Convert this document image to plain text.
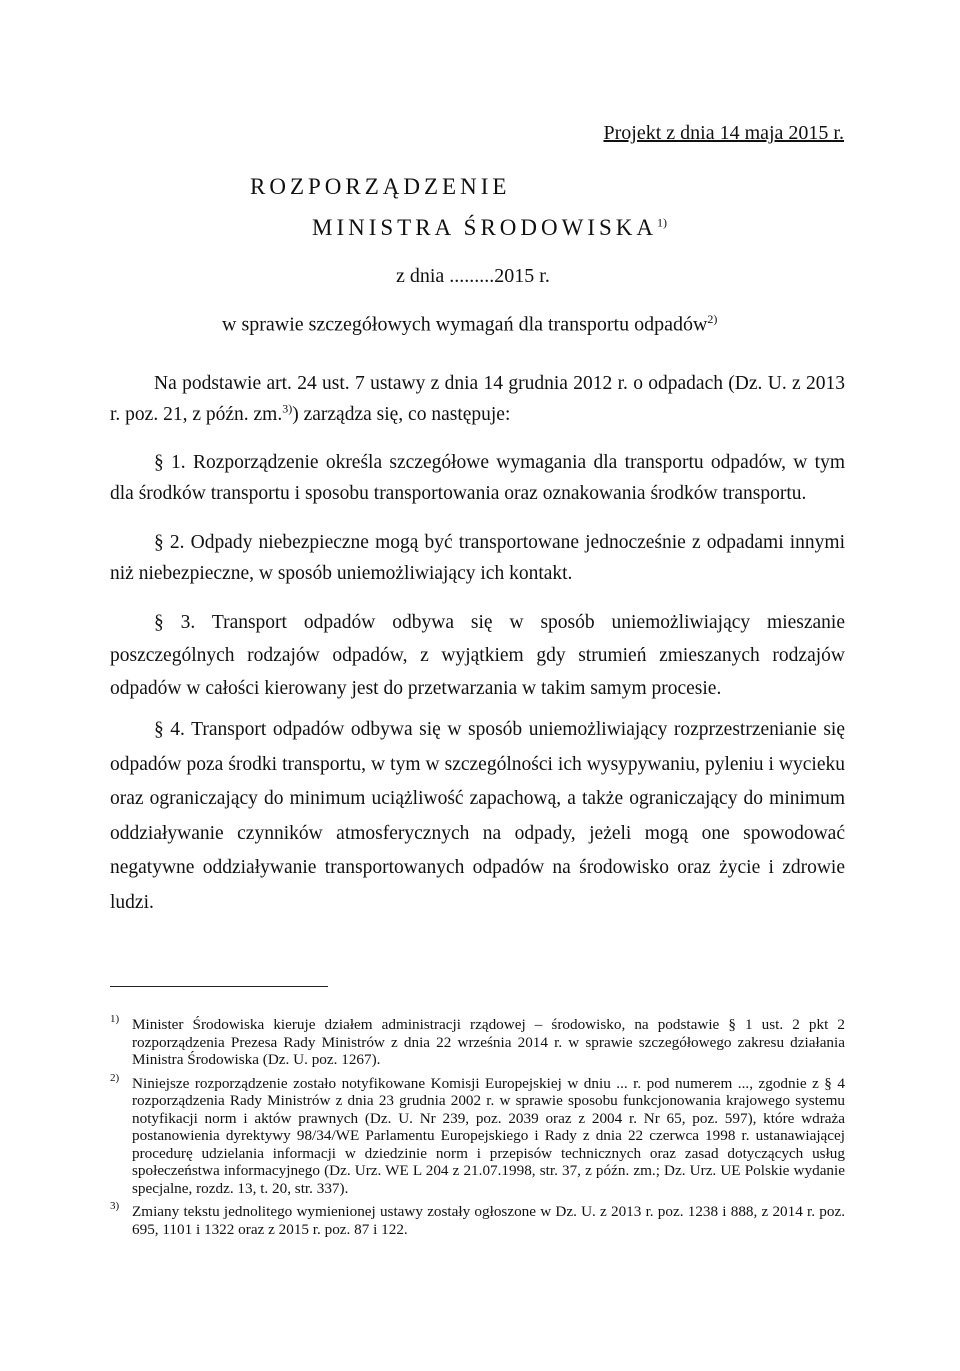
Projekt z dnia 14 maja 2015 r.
ROZPORZĄDZENIE
MINISTRA ŚRODOWISKA$^{1)}$
z dnia .........2015 r.
w sprawie szczegółowych wymagań dla transportu odpadów$^{2)}$
Na podstawie art. 24 ust. 7 ustawy z dnia 14 grudnia 2012 r. o odpadach (Dz. U. z 2013 r. poz. 21, z późn. zm.$^{3)}$) zarządza się, co następuje:
§ 1. Rozporządzenie określa szczegółowe wymagania dla transportu odpadów, w tym dla środków transportu i sposobu transportowania oraz oznakowania środków transportu.
§ 2. Odpady niebezpieczne mogą być transportowane jednocześnie z odpadami innymi niż niebezpieczne, w sposób uniemożliwiający ich kontakt.
§ 3. Transport odpadów odbywa się w sposób uniemożliwiający mieszanie poszczególnych rodzajów odpadów, z wyjątkiem gdy strumień zmieszanych rodzajów odpadów w całości kierowany jest do przetwarzania w takim samym procesie.
§ 4. Transport odpadów odbywa się w sposób uniemożliwiający rozprzestrzenianie się odpadów poza środki transportu, w tym w szczególności ich wysypywaniu, pyleniu i wycieku oraz ograniczający do minimum uciążliwość zapachową, a także ograniczający do minimum oddziaływanie czynników atmosferycznych na odpady, jeżeli mogą one spowodować negatywne oddziaływanie transportowanych odpadów na środowisko oraz życie i zdrowie ludzi.
1 ) Minister Środowiska kieruje działem administracji rządowej – środowisko, na podstawie § 1 ust. 2 pkt 2 rozporządzenia Prezesa Rady Ministrów z dnia 22 września 2014 r. w sprawie szczegółowego zakresu działania Ministra Środowiska (Dz. U. poz. 1267).
2 ) Niniejsze rozporządzenie zostało notyfikowane Komisji Europejskiej w dniu ... r. pod numerem ..., zgodnie z § 4 rozporządzenia Rady Ministrów z dnia 23 grudnia 2002 r. w sprawie sposobu funkcjonowania krajowego systemu notyfikacji norm i aktów prawnych (Dz. U. Nr 239, poz. 2039 oraz z 2004 r. Nr 65, poz. 597), które wdraża postanowienia dyrektywy 98/34/WE Parlamentu Europejskiego i Rady z dnia 22 czerwca 1998 r. ustanawiającej procedurę udzielania informacji w dziedzinie norm i przepisów technicznych oraz zasad dotyczących usług społeczeństwa informacyjnego (Dz. Urz. WE L 204 z 21.07.1998, str. 37, z późn. zm.; Dz. Urz. UE Polskie wydanie specjalne, rozdz. 13, t. 20, str. 337).
3 ) Zmiany tekstu jednolitego wymienionej ustawy zostały ogłoszone w Dz. U. z 2013 r. poz. 1238 i 888, z 2014 r. poz. 695, 1101 i 1322 oraz z 2015 r. poz. 87 i 122.
